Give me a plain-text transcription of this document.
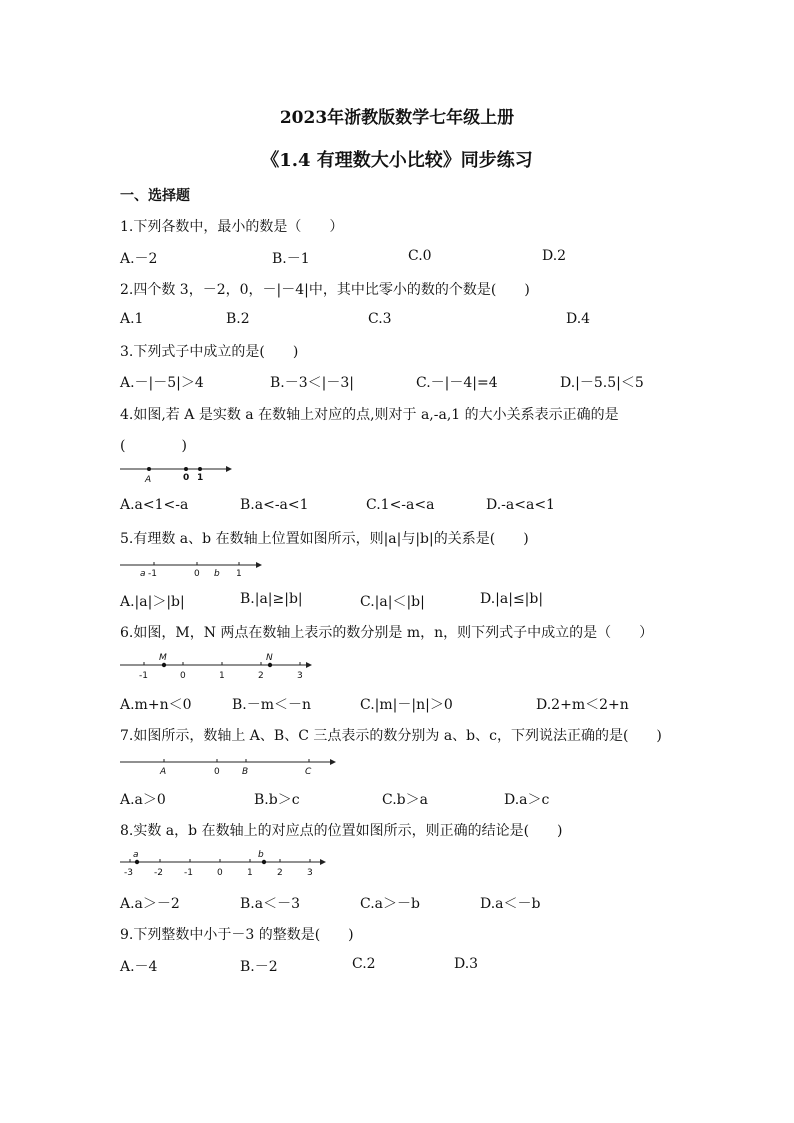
2023年浙教版数学七年级上册
《1.4 有理数大小比较》同步练习
一、选择题
1.下列各数中，最小的数是（　　）
A.－2	B.－1	C.0	D.2
2.四个数 3，－2，0，－|－4|中，其中比零小的数的个数是(　　)
A.1	B.2	C.3	D.4
3.下列式子中成立的是(　　)
A.－|－5|＞4	B.－3＜|－3|	C.－|－4|=4	D.|－5.5|＜5
4.如图,若 A 是实数 a 在数轴上对应的点,则对于 a,-a,1 的大小关系表示正确的是
(　　　　)
A	0 1
A.a<1<-a	B.a<-a<1	C.1<-a<a	D.-a<a<1
5.有理数 a、b 在数轴上位置如图所示，则|a|与|b|的关系是(　　)
a -1	0 b 1
A.|a|＞|b|	B.|a|≥|b|	C.|a|＜|b|	D.|a|≤|b|
6.如图，M，N 两点在数轴上表示的数分别是 m，n，则下列式子中成立的是（　　）
M	N
-1	0	1	2	3
A.m+n＜0	B.－m＜－n	C.|m|－|n|＞0	D.2+m＜2+n
7.如图所示，数轴上 A、B、C 三点表示的数分别为 a、b、c，下列说法正确的是(　　)
A	0 B	C
A.a＞0	B.b＞c	C.b＞a	D.a＞c
8.实数 a，b 在数轴上的对应点的位置如图所示，则正确的结论是(　　)
a	b
-3 -2 -1	0	1	2	3
A.a＞－2	B.a＜－3	C.a＞－b	D.a＜－b
9.下列整数中小于－3 的整数是(　　)
A.－4	B.－2	C.2	D.3
